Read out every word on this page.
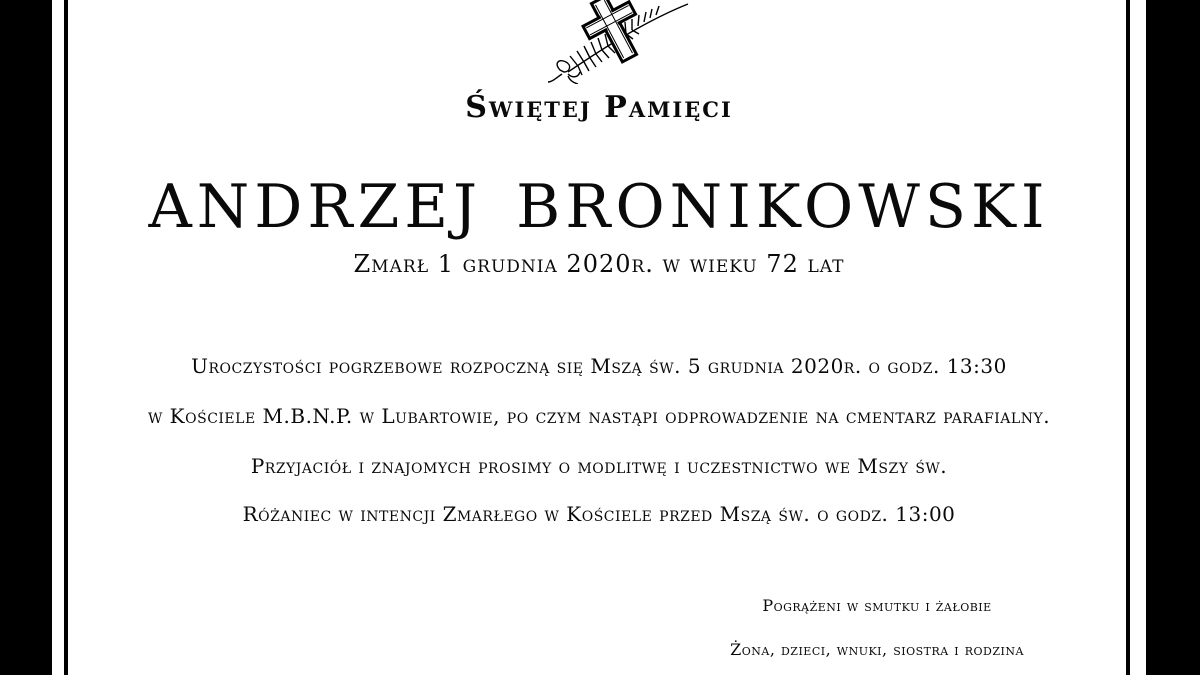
Świętej Pamięci
ANDRZEJ BRONIKOWSKI
Zmarł 1 grudnia 2020r. w wieku 72 lat
Uroczystości pogrzebowe rozpoczną się Mszą św. 5 grudnia 2020r. o godz. 13:30
w Kościele M.B.N.P. w Lubartowie, po czym nastąpi odprowadzenie na cmentarz parafialny.
Przyjaciół i znajomych prosimy o modlitwę i uczestnictwo we Mszy św.
Różaniec w intencji Zmarłego w Kościele przed Mszą św. o godz. 13:00
Pogrążeni w smutku i żałobie
Żona, dzieci, wnuki, siostra i rodzina
